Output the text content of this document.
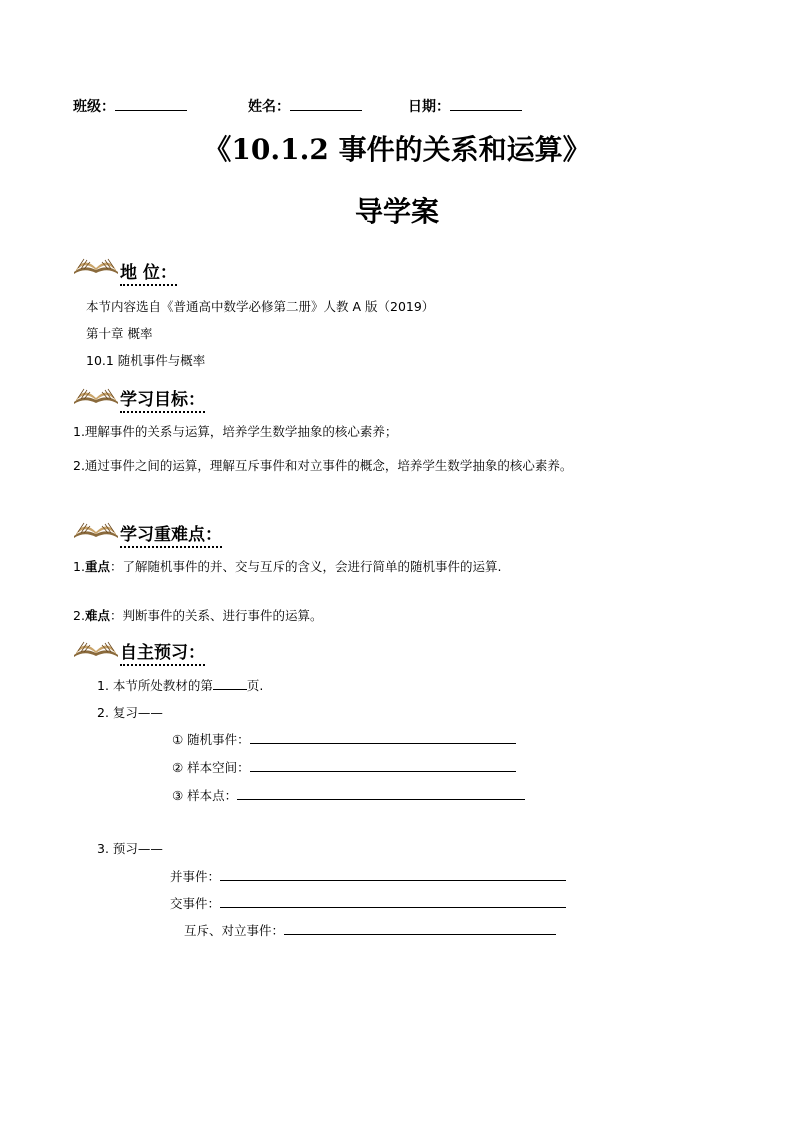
班级：	姓名：	日期：
《10.1.2 事件的关系和运算》
导学案
地 位：
本节内容选自《普通高中数学必修第二册》人教 A 版（2019）
第十章 概率
10.1 随机事件与概率
学习目标：
1.理解事件的关系与运算，培养学生数学抽象的核心素养；
2.通过事件之间的运算，理解互斥事件和对立事件的概念，培养学生数学抽象的核心素养。
学习重难点：
1.重点：了解随机事件的并、交与互斥的含义，会进行简单的随机事件的运算.
2.难点：判断事件的关系、进行事件的运算。
自主预习：
1. 本节所处教材的第	页.
2. 复习——
① 随机事件：
② 样本空间：
③ 样本点：
3. 预习——
并事件：
交事件：
互斥、对立事件：
